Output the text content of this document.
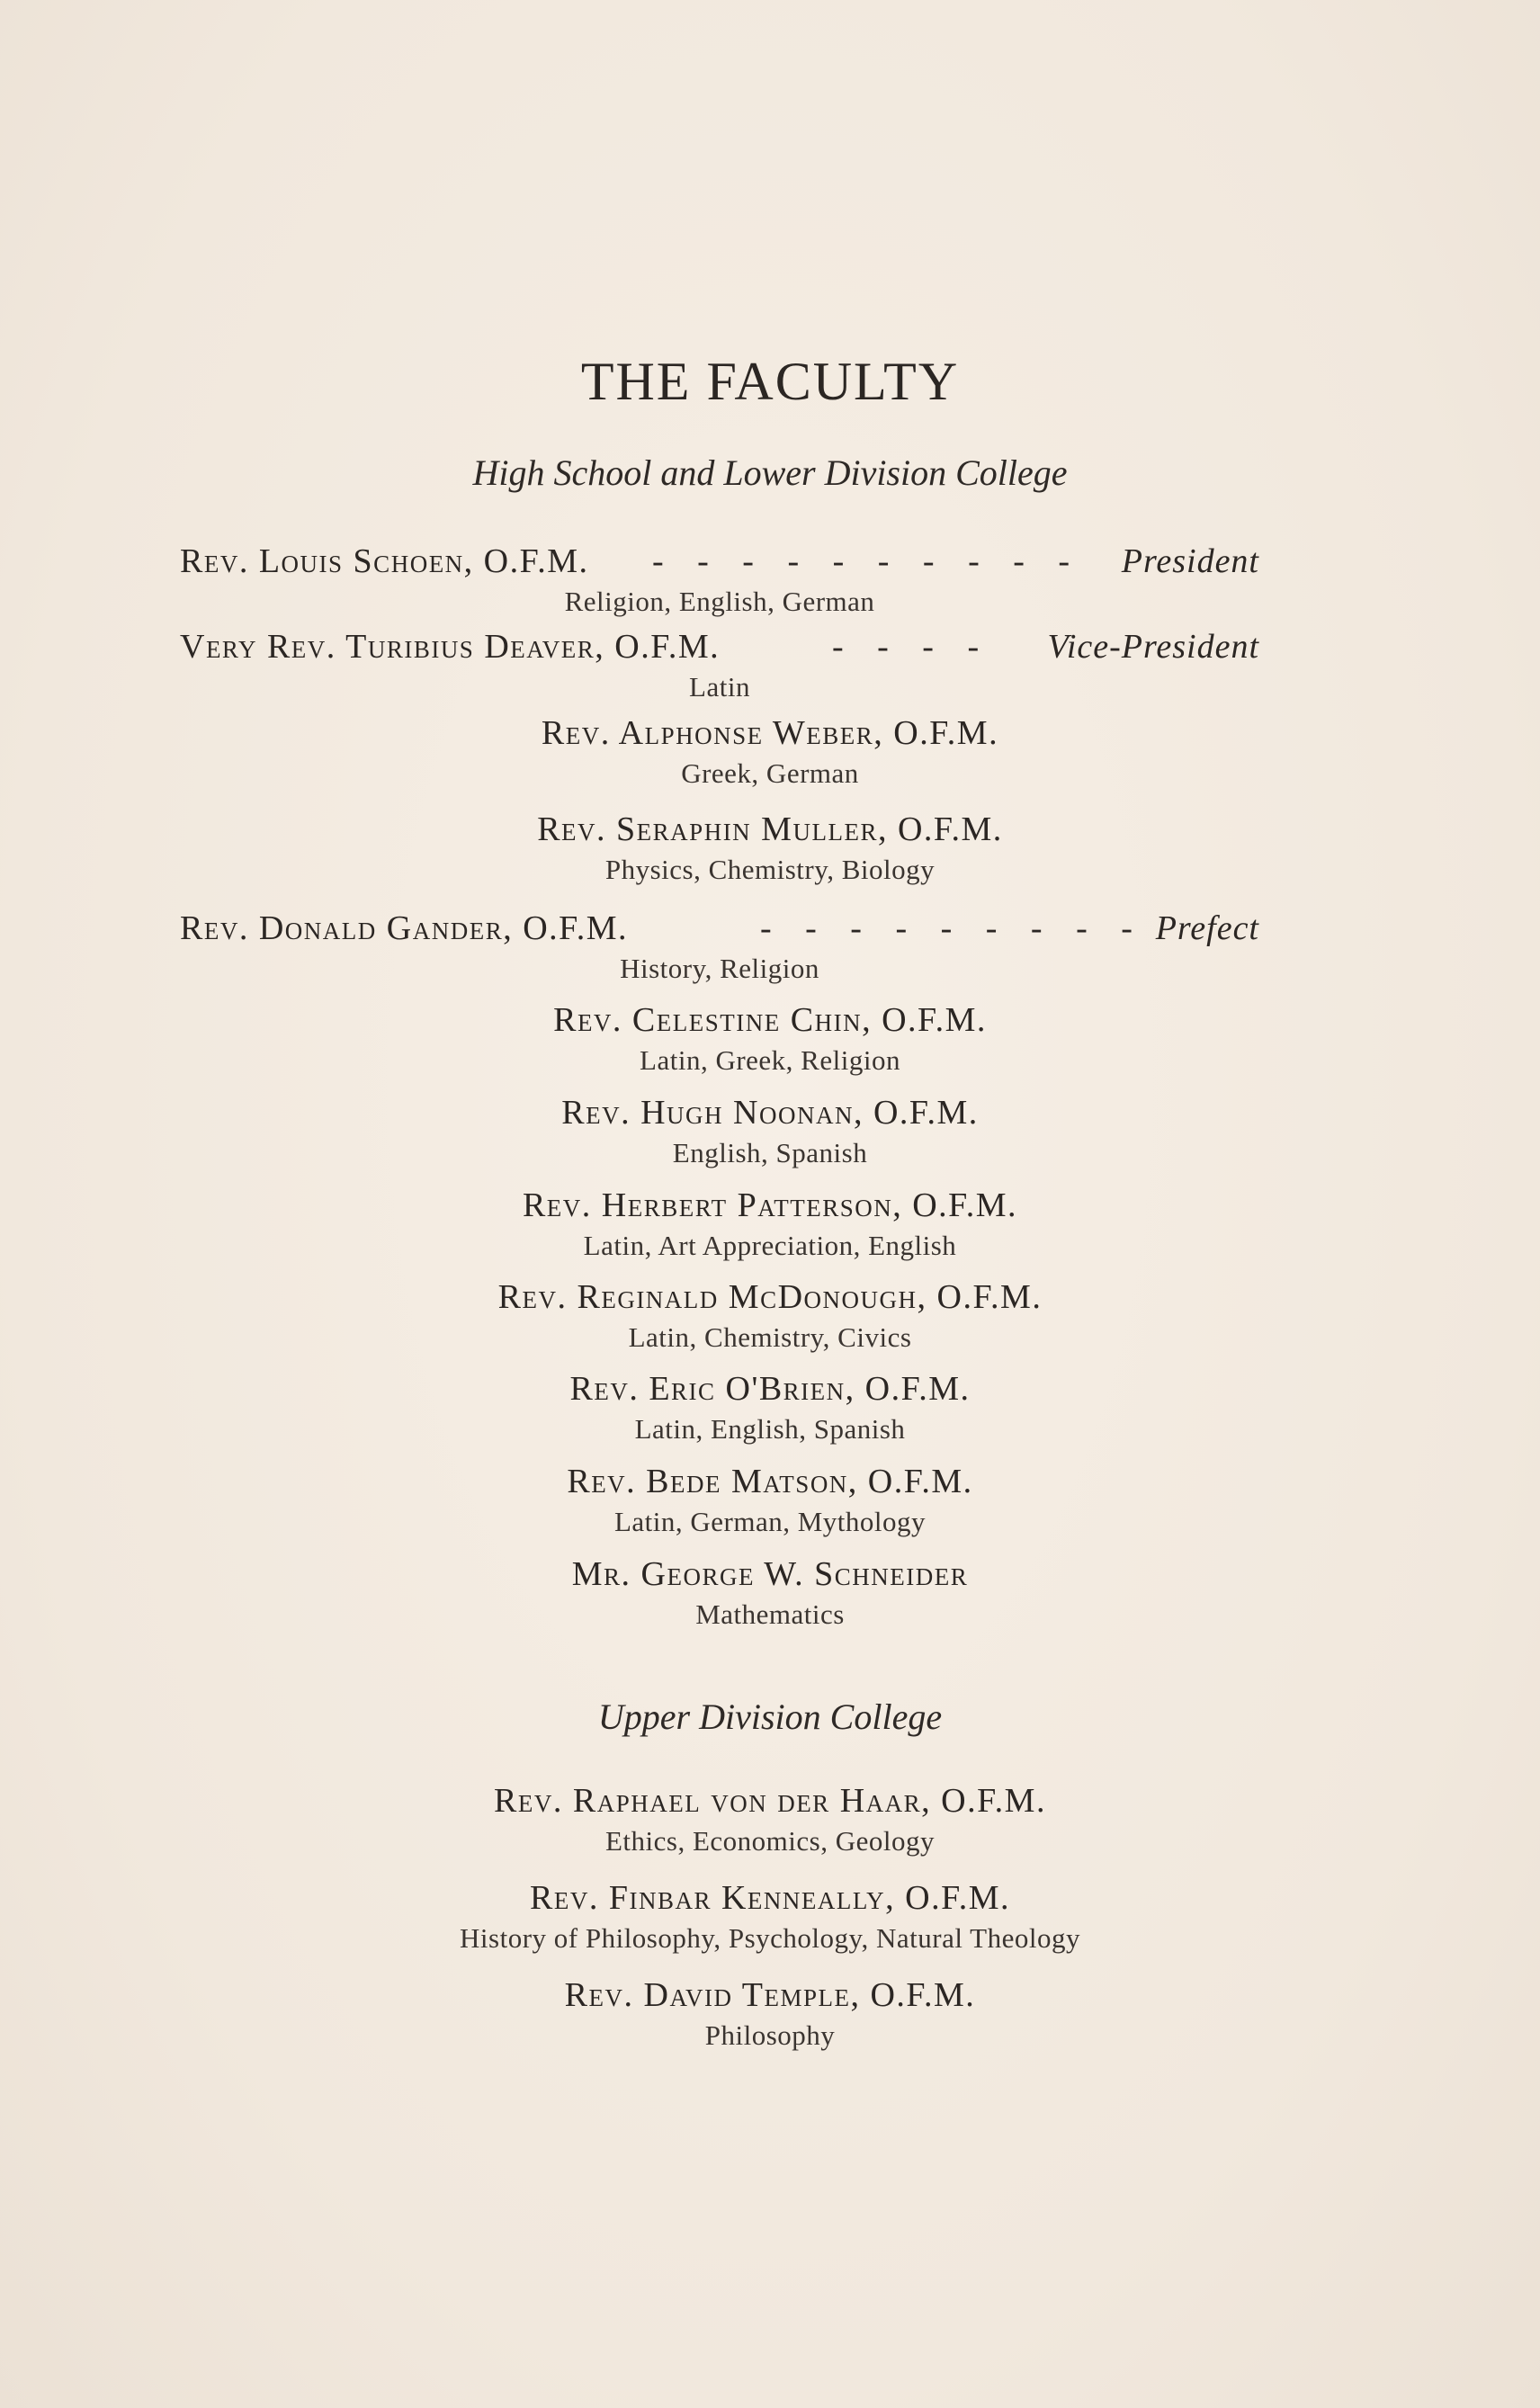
THE FACULTY
High School and Lower Division College
Rev. Louis Schoen, O.F.M. - - - - - - - - - - President
Religion, English, German
Very Rev. Turibius Deaver, O.F.M.	- - - - Vice-President
Latin
Rev. Alphonse Weber, O.F.M.
Greek, German
Rev. Seraphin Muller, O.F.M.
Physics, Chemistry, Biology
Rev. Donald Gander, O.F.M.	- - - - - - - - - Prefect
History, Religion
Rev. Celestine Chin, O.F.M.
Latin, Greek, Religion
Rev. Hugh Noonan, O.F.M.
English, Spanish
Rev. Herbert Patterson, O.F.M.
Latin, Art Appreciation, English
Rev. Reginald McDonough, O.F.M.
Latin, Chemistry, Civics
Rev. Eric O'Brien, O.F.M.
Latin, English, Spanish
Rev. Bede Matson, O.F.M.
Latin, German, Mythology
Mr. George W. Schneider
Mathematics
Upper Division College
Rev. Raphael von der Haar, O.F.M.
Ethics, Economics, Geology
Rev. Finbar Kenneally, O.F.M.
History of Philosophy, Psychology, Natural Theology
Rev. David Temple, O.F.M.
Philosophy
